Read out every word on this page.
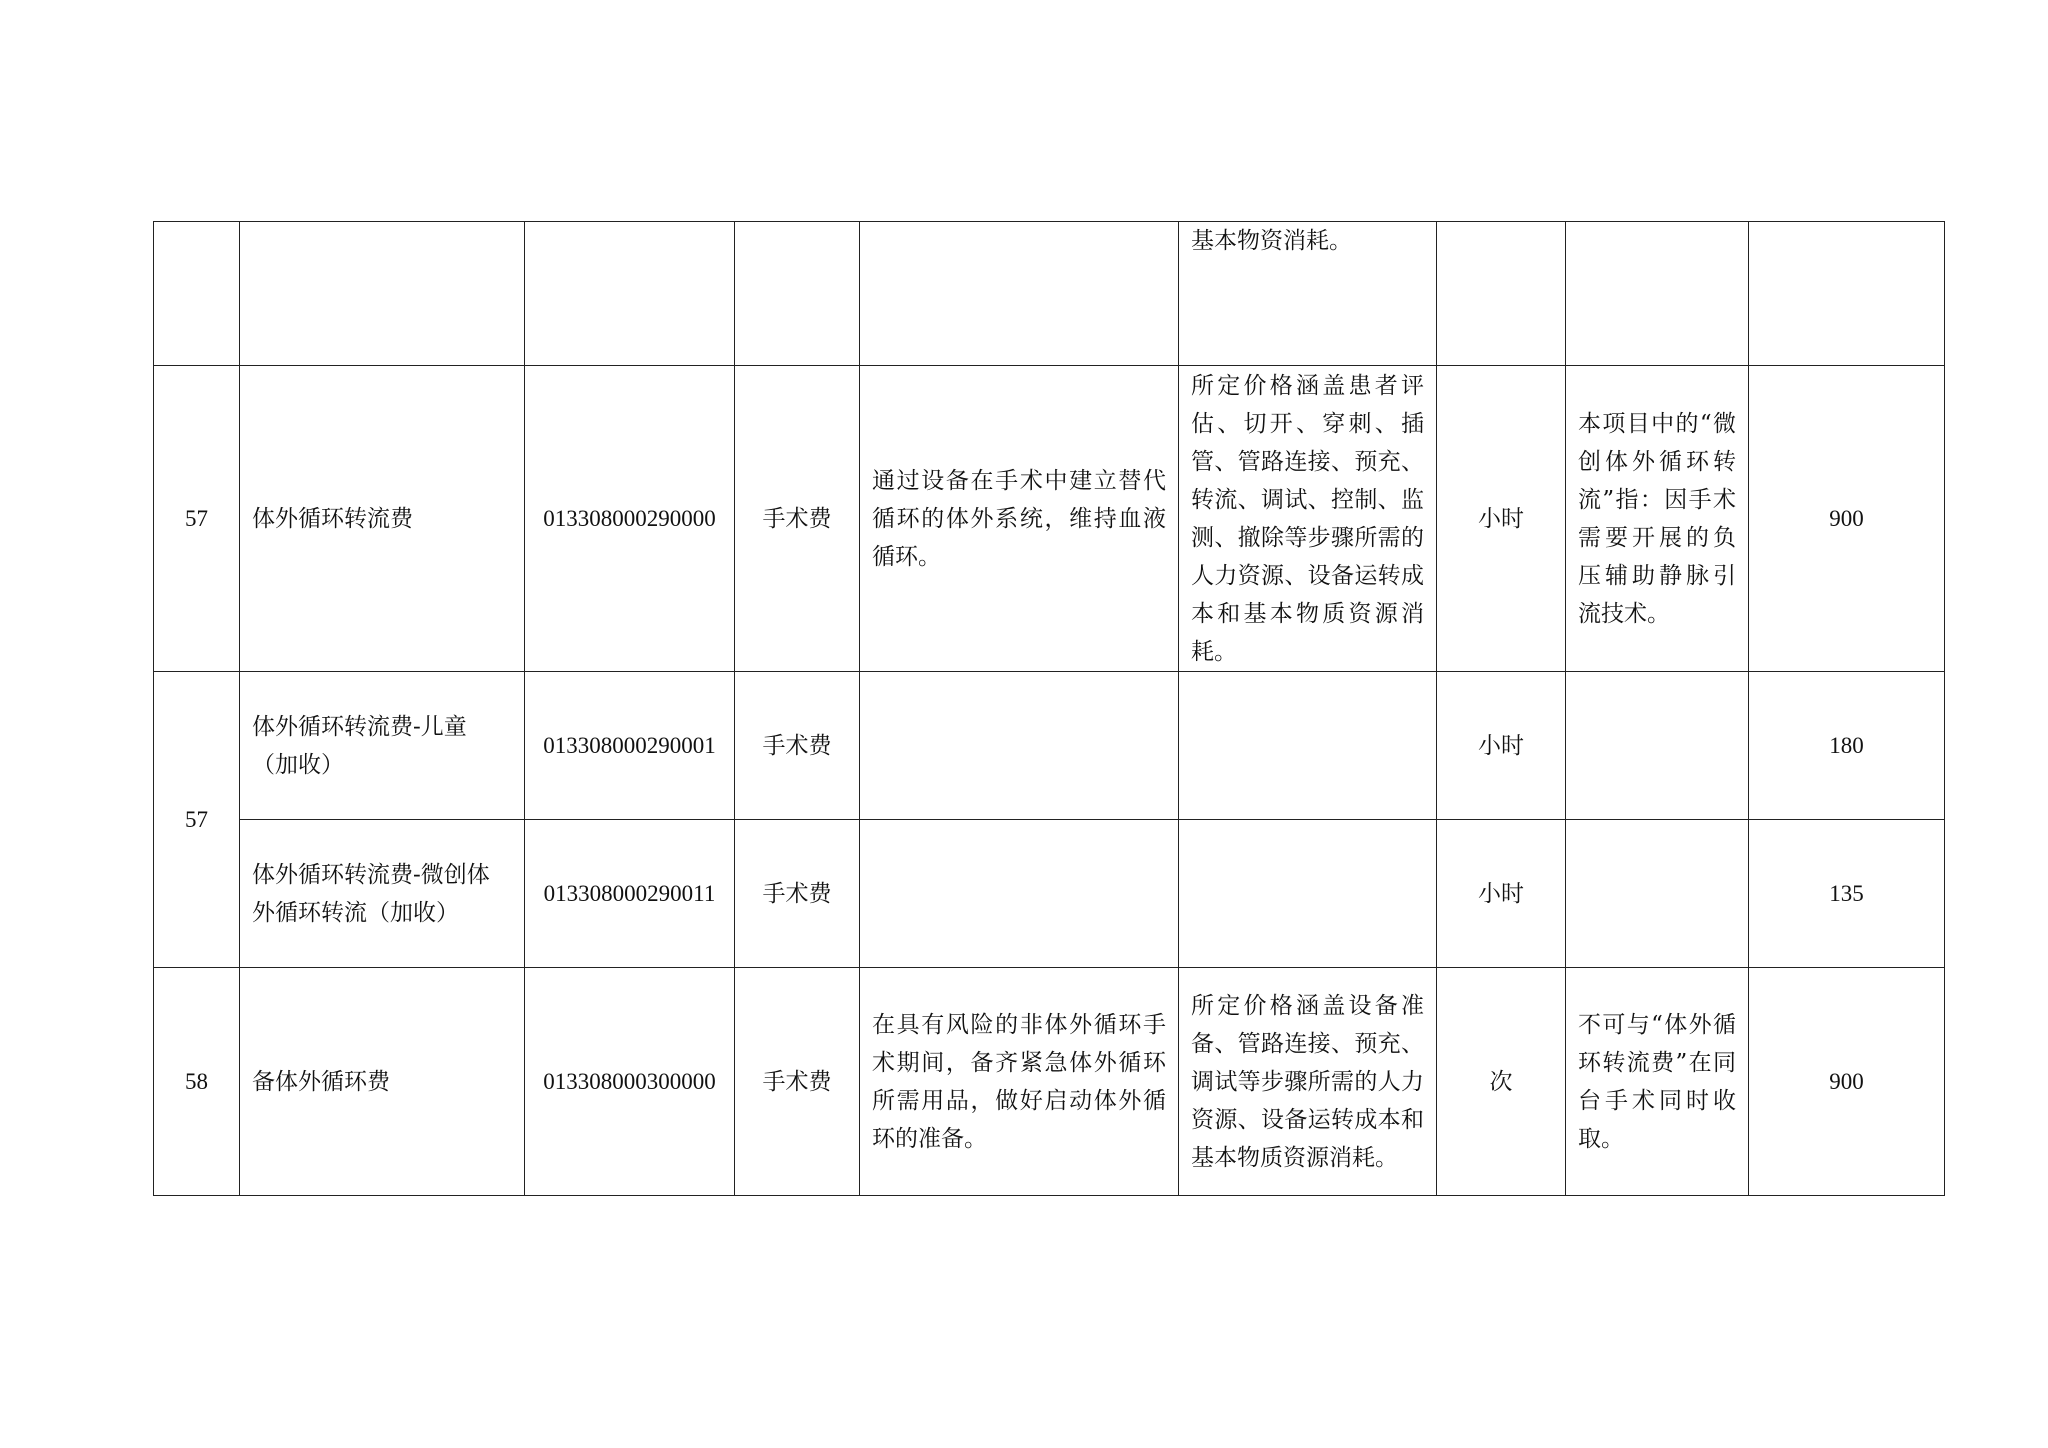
					基本物资消耗。			
57	体外循环转流费	013308000290000	手术费	通过设备在手术中建立替代循环的体外系统，维持血液循环。	所定价格涵盖患者评估、切开、穿刺、插管、管路连接、预充、转流、调试、控制、监测、撤除等步骤所需的人力资源、设备运转成本和基本物质资源消耗。	小时	本项目中的“微创体外循环转流”指：因手术需要开展的负压辅助静脉引流技术。	900
57	体外循环转流费-儿童（加收）	013308000290001	手术费			小时		180
	体外循环转流费-微创体外循环转流（加收）	013308000290011	手术费			小时		135
58	备体外循环费	013308000300000	手术费	在具有风险的非体外循环手术期间，备齐紧急体外循环所需用品，做好启动体外循环的准备。	所定价格涵盖设备准备、管路连接、预充、调试等步骤所需的人力资源、设备运转成本和基本物质资源消耗。	次	不可与“体外循环转流费”在同台手术同时收取。	900
